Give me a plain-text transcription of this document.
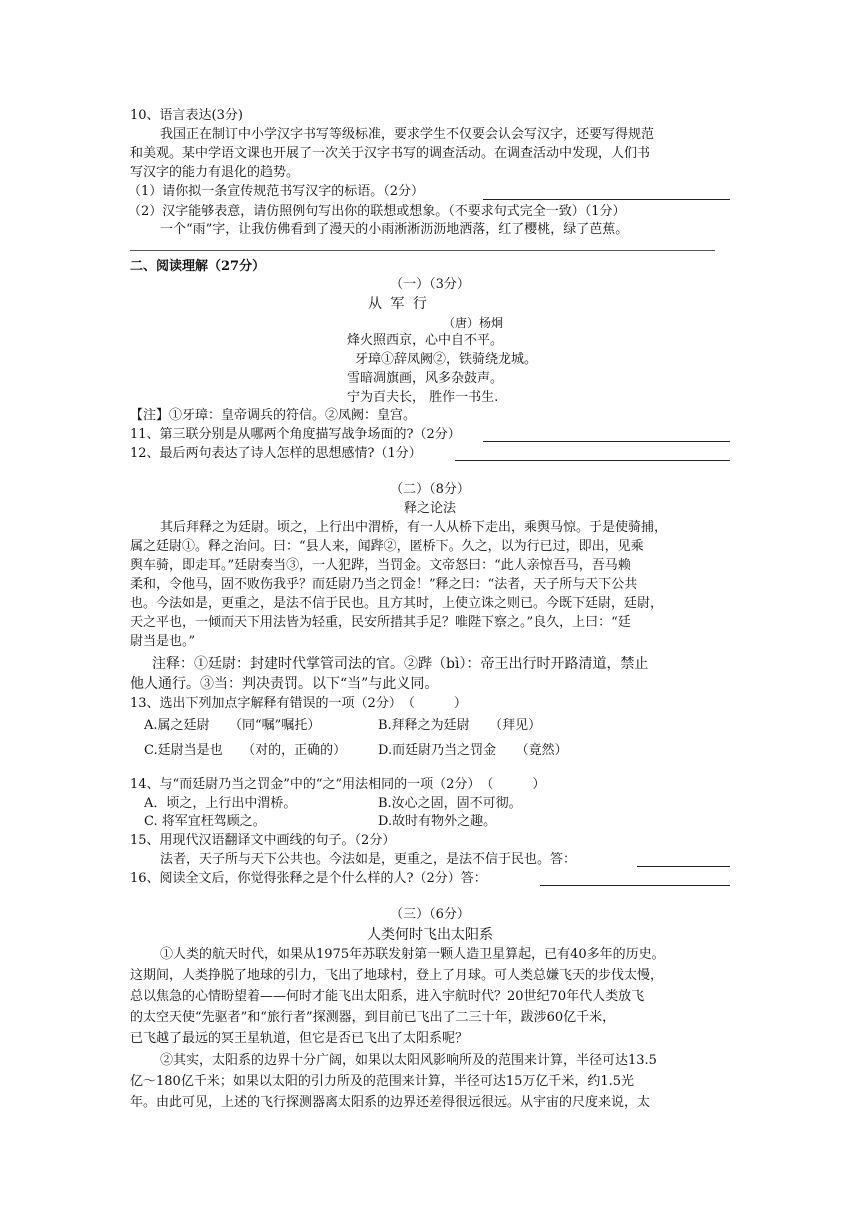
10、语言表达(3分)
我国正在制订中小学汉字书写等级标准，要求学生不仅要会认会写汉字，还要写得规范
和美观。某中学语文课也开展了一次关于汉字书写的调查活动。在调查活动中发现，人们书
写汉字的能力有退化的趋势。
（1）请你拟一条宣传规范书写汉字的标语。（2分）
（2）汉字能够表意，请仿照例句写出你的联想或想象。（不要求句式完全一致）（1分）
一个“雨”字，让我仿佛看到了漫天的小雨淅淅沥沥地洒落，红了樱桃，绿了芭蕉。
二、阅读理解（27分）
（一）（3分）
从 军 行
（唐）杨炯
烽火照西京，心中自不平。
牙璋①辞凤阙②，铁骑绕龙城。
雪暗凋旗画，风多杂鼓声。
宁为百夫长， 胜作一书生.
【注】①牙璋：皇帝调兵的符信。②凤阙：皇宫。
11、第三联分别是从哪两个角度描写战争场面的?（2分）
12、最后两句表达了诗人怎样的思想感情?（1分）
（二）（8分）
释之论法
其后拜释之为廷尉。顷之，上行出中渭桥，有一人从桥下走出，乘舆马惊。于是使骑捕，
属之廷尉①。释之治问。曰：“县人来，闻跸②，匿桥下。久之，以为行已过，即出，见乘
舆车骑，即走耳。”廷尉奏当③，一人犯跸，当罚金。文帝怒曰：“此人亲惊吾马，吾马赖
柔和，令他马，固不败伤我乎？而廷尉乃当之罚金！”释之曰：“法者，天子所与天下公共
也。今法如是，更重之，是法不信于民也。且方其时，上使立诛之则已。今既下廷尉，廷尉，
天之平也，一倾而天下用法皆为轻重，民安所措其手足？唯陛下察之。”良久，上曰：“廷
尉当是也。”
注释：①廷尉：封建时代掌管司法的官。②跸（bì）：帝王出行时开路清道，禁止
他人通行。③当：判决责罚。以下“当”与此义同。
13、选出下列加点字解释有错误的一项（2分）　（　　　）
A.属之廷尉　　（同“嘱”嘱托）	B.拜释之为廷尉　　（拜见）
C.廷尉当是也　　（对的，正确的） D.而廷尉乃当之罚金　　（竟然）
14、与“而廷尉乃当之罚金”中的“之”用法相同的一项（2分）　（　　　）
A．顷之，上行出中渭桥。	B.汝心之固，固不可彻。
C. 将军宜枉驾顾之。	D.故时有物外之趣。
15、用现代汉语翻译文中画线的句子。（2分）
法者，天子所与天下公共也。今法如是，更重之，是法不信于民也。答：
16、阅读全文后，你觉得张释之是个什么样的人?（2分）答：
（三）（6分）
人类何时飞出太阳系
①人类的航天时代，如果从1975年苏联发射第一颗人造卫星算起，已有40多年的历史。
这期间，人类挣脱了地球的引力，飞出了地球村，登上了月球。可人类总嫌飞天的步伐太慢，
总以焦急的心情盼望着——何时才能飞出太阳系，进入宇航时代？20世纪70年代人类放飞
的太空天使“先驱者”和“旅行者”探测器，到目前已飞出了二三十年，跋涉60亿千米，
已飞越了最远的冥王星轨道，但它是否已飞出了太阳系呢？
②其实，太阳系的边界十分广阔，如果以太阳风影响所及的范围来计算，半径可达13.5
亿～180亿千米；如果以太阳的引力所及的范围来计算，半径可达15万亿千米，约1.5光
年。由此可见，上述的飞行探测器离太阳系的边界还差得很远很远。从宇宙的尺度来说，太
